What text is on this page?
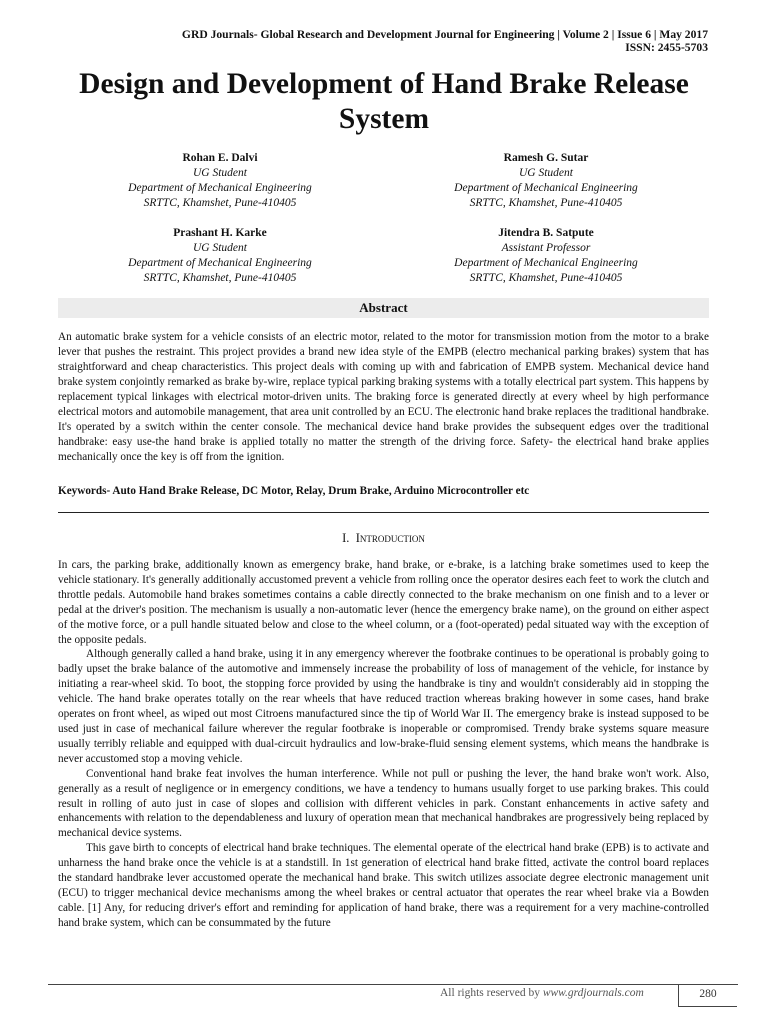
GRD Journals- Global Research and Development Journal for Engineering | Volume 2 | Issue 6 | May 2017
ISSN: 2455-5703
Design and Development of Hand Brake Release System
Rohan E. Dalvi
UG Student
Department of Mechanical Engineering
SRTTC, Khamshet, Pune-410405
Ramesh G. Sutar
UG Student
Department of Mechanical Engineering
SRTTC, Khamshet, Pune-410405
Prashant H. Karke
UG Student
Department of Mechanical Engineering
SRTTC, Khamshet, Pune-410405
Jitendra B. Satpute
Assistant Professor
Department of Mechanical Engineering
SRTTC, Khamshet, Pune-410405
Abstract
An automatic brake system for a vehicle consists of an electric motor, related to the motor for transmission motion from the motor to a brake lever that pushes the restraint. This project provides a brand new idea style of the EMPB (electro mechanical parking brakes) system that has straightforward and cheap characteristics. This project deals with coming up with and fabrication of EMPB system. Mechanical device hand brake system conjointly remarked as brake by-wire, replace typical parking braking systems with a totally electrical part system. This happens by replacement typical linkages with electrical motor-driven units. The braking force is generated directly at every wheel by high performance electrical motors and automobile management, that area unit controlled by an ECU. The electronic hand brake replaces the traditional handbrake. It's operated by a switch within the center console. The mechanical device hand brake provides the subsequent edges over the traditional handbrake: easy use-the hand brake is applied totally no matter the strength of the driving force. Safety- the electrical hand brake applies mechanically once the key is off from the ignition.
Keywords- Auto Hand Brake Release, DC Motor, Relay, Drum Brake, Arduino Microcontroller etc
I. Introduction

In cars, the parking brake, additionally known as emergency brake, hand brake, or e-brake, is a latching brake sometimes used to keep the vehicle stationary. It's generally additionally accustomed prevent a vehicle from rolling once the operator desires each feet to work the clutch and throttle pedals. Automobile hand brakes sometimes contains a cable directly connected to the brake mechanism on one finish and to a lever or pedal at the driver's position. The mechanism is usually a non-automatic lever (hence the emergency brake name), on the ground on either aspect of the motive force, or a pull handle situated below and close to the wheel column, or a (foot-operated) pedal situated way with the exception of the opposite pedals.

Although generally called a hand brake, using it in any emergency wherever the footbrake continues to be operational is probably going to badly upset the brake balance of the automotive and immensely increase the probability of loss of management of the vehicle, for instance by initiating a rear-wheel skid. To boot, the stopping force provided by using the handbrake is tiny and wouldn't considerably aid in stopping the vehicle. The hand brake operates totally on the rear wheels that have reduced traction whereas braking however in some cases, hand brake operates on front wheel, as wiped out most Citroens manufactured since the tip of World War II. The emergency brake is instead supposed to be used just in case of mechanical failure wherever the regular footbrake is inoperable or compromised. Trendy brake systems square measure usually terribly reliable and equipped with dual-circuit hydraulics and low-brake-fluid sensing element systems, which means the handbrake is never accustomed stop a moving vehicle.

Conventional hand brake feat involves the human interference. While not pull or pushing the lever, the hand brake won't work. Also, generally as a result of negligence or in emergency conditions, we have a tendency to humans usually forget to use parking brakes. This could result in rolling of auto just in case of slopes and collision with different vehicles in park. Constant enhancements in active safety and enhancements with relation to the dependableness and luxury of operation mean that mechanical handbrakes are progressively being replaced by mechanical device systems.

This gave birth to concepts of electrical hand brake techniques. The elemental operate of the electrical hand brake (EPB) is to activate and unharness the hand brake once the vehicle is at a standstill. In 1st generation of electrical hand brake fitted, activate the control board replaces the standard handbrake lever accustomed operate the mechanical hand brake. This switch utilizes associate degree electronic management unit (ECU) to trigger mechanical device mechanisms among the wheel brakes or central actuator that operates the rear wheel brake via a Bowden cable. [1] Any, for reducing driver's effort and reminding for application of hand brake, there was a requirement for a very machine-controlled hand brake system, which can be consummated by the future

All rights reserved by www.grdjournals.com	280
